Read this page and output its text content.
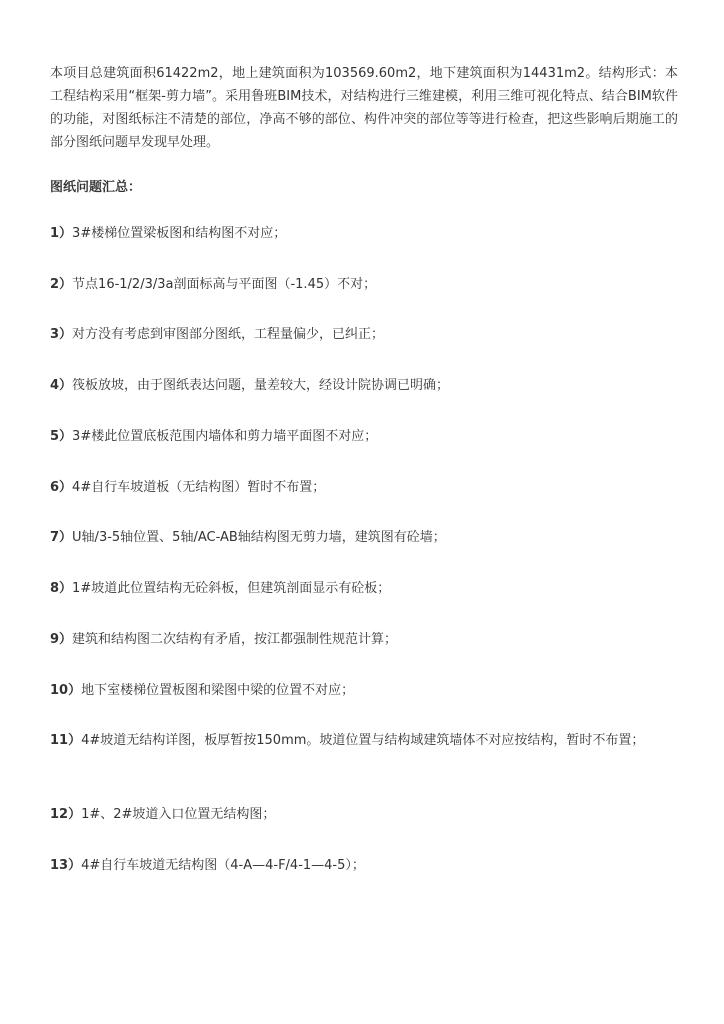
本项目总建筑面积61422m2，地上建筑面积为103569.60m2，地下建筑面积为14431m2。结构形式：本工程结构采用“框架-剪力墙”。采用鲁班BIM技术，对结构进行三维建模，利用三维可视化特点、结合BIM软件的功能，对图纸标注不清楚的部位，净高不够的部位、构件冲突的部位等等进行检查，把这些影响后期施工的部分图纸问题早发现早处理。

图纸问题汇总：

1）3#楼梯位置梁板图和结构图不对应；
2）节点16-1/2/3/3a剖面标高与平面图（-1.45）不对；
3）对方没有考虑到审图部分图纸，工程量偏少，已纠正；
4）筏板放坡，由于图纸表达问题，量差较大，经设计院协调已明确；
5）3#楼此位置底板范围内墙体和剪力墙平面图不对应；
6）4#自行车坡道板（无结构图）暂时不布置；
7）U轴/3-5轴位置、5轴/AC-AB轴结构图无剪力墙，建筑图有砼墙；
8）1#坡道此位置结构无砼斜板，但建筑剖面显示有砼板；
9）建筑和结构图二次结构有矛盾，按江都强制性规范计算；
10）地下室楼梯位置板图和梁图中梁的位置不对应；
11）4#坡道无结构详图，板厚暂按150mm。坡道位置与结构域建筑墙体不对应按结构，暂时不布置；
12）1#、2#坡道入口位置无结构图；
13）4#自行车坡道无结构图（4-A—4-F/4-1—4-5）；
